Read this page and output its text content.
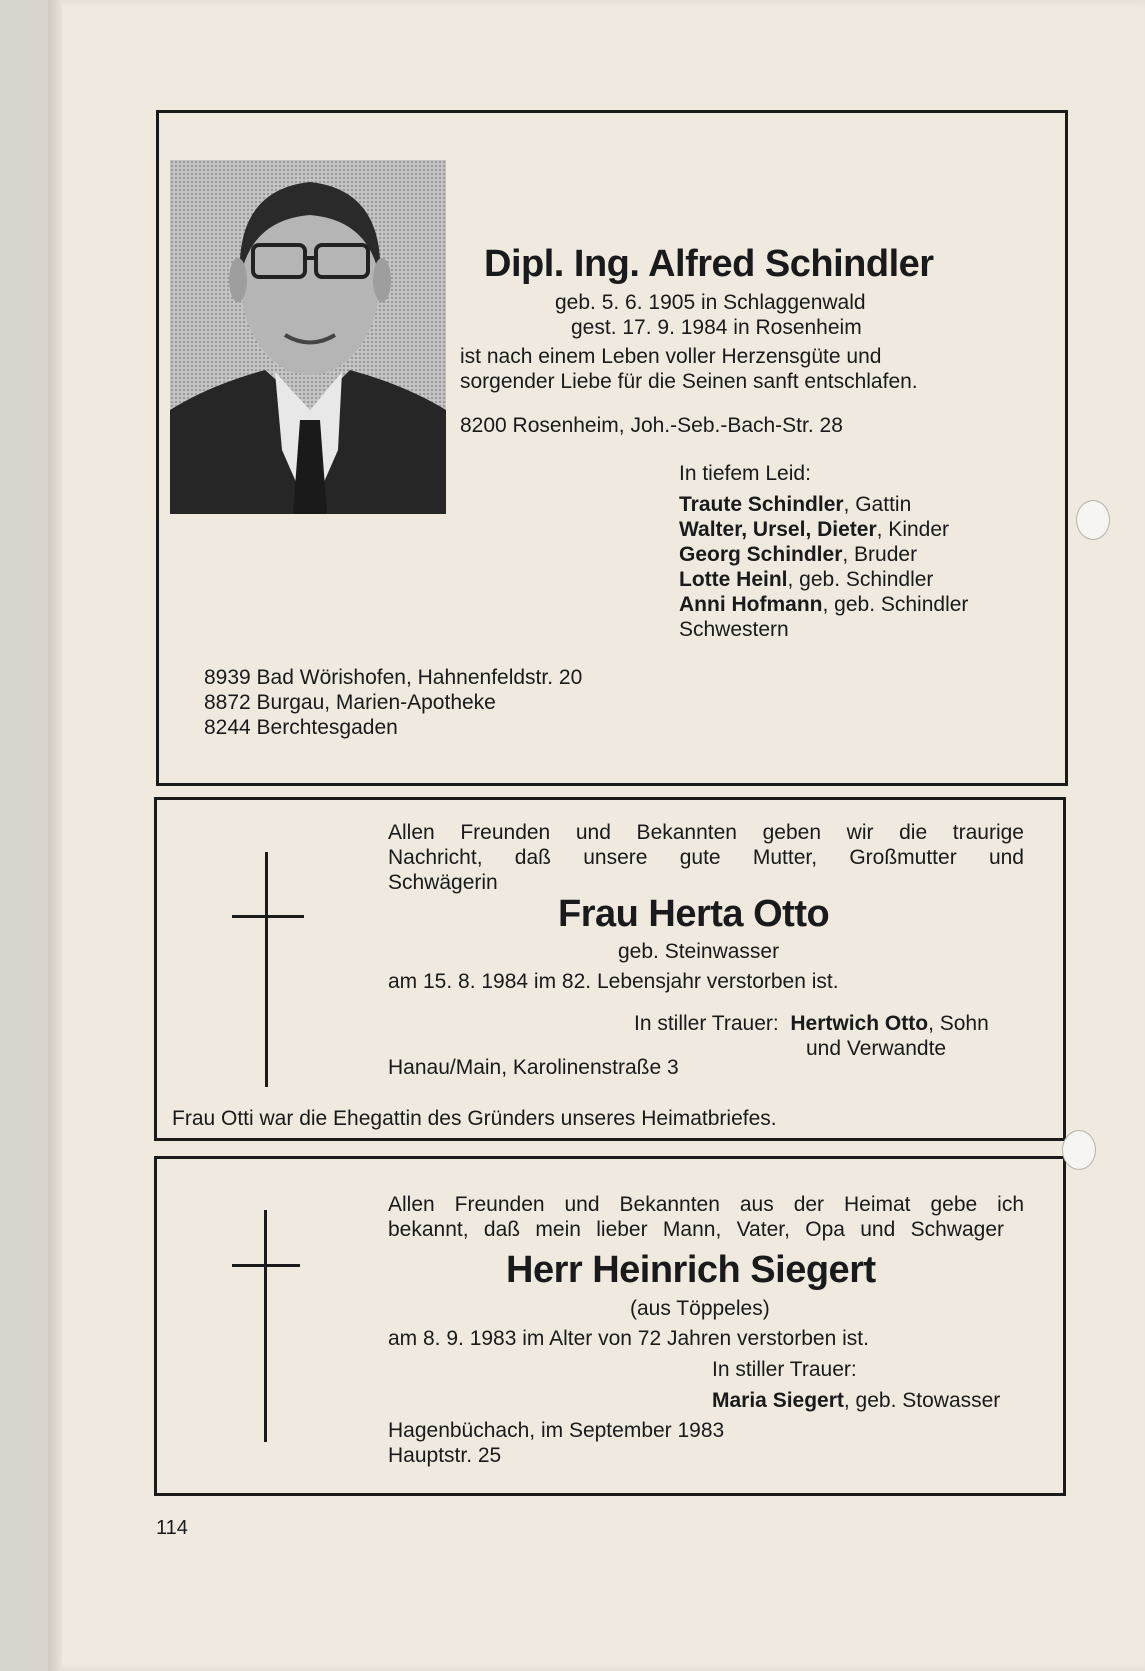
Dipl. Ing. Alfred Schindler
geb. 5. 6. 1905 in Schlaggenwald
gest. 17. 9. 1984 in Rosenheim
ist nach einem Leben voller Herzensgüte und
sorgender Liebe für die Seinen sanft entschlafen.
8200 Rosenheim, Joh.-Seb.-Bach-Str. 28
In tiefem Leid:
Traute Schindler, Gattin
Walter, Ursel, Dieter, Kinder
Georg Schindler, Bruder
Lotte Heinl, geb. Schindler
Anni Hofmann, geb. Schindler
Schwestern
8939 Bad Wörishofen, Hahnenfeldstr. 20
8872 Burgau, Marien-Apotheke
8244 Berchtesgaden
Allen Freunden und Bekannten geben wir die traurige
Nachricht, daß unsere gute Mutter, Großmutter und
Schwägerin
Frau Herta Otto
geb. Steinwasser
am 15. 8. 1984 im 82. Lebensjahr verstorben ist.
In stiller Trauer: Hertwich Otto, Sohn
und Verwandte
Hanau/Main, Karolinenstraße 3
Frau Otti war die Ehegattin des Gründers unseres Heimatbriefes.
Allen Freunden und Bekannten aus der Heimat gebe ich
bekannt, daß mein lieber Mann, Vater, Opa und Schwager
Herr Heinrich Siegert
(aus Töppeles)
am 8. 9. 1983 im Alter von 72 Jahren verstorben ist.
In stiller Trauer:
Maria Siegert, geb. Stowasser
Hagenbüchach, im September 1983
Hauptstr. 25
114
